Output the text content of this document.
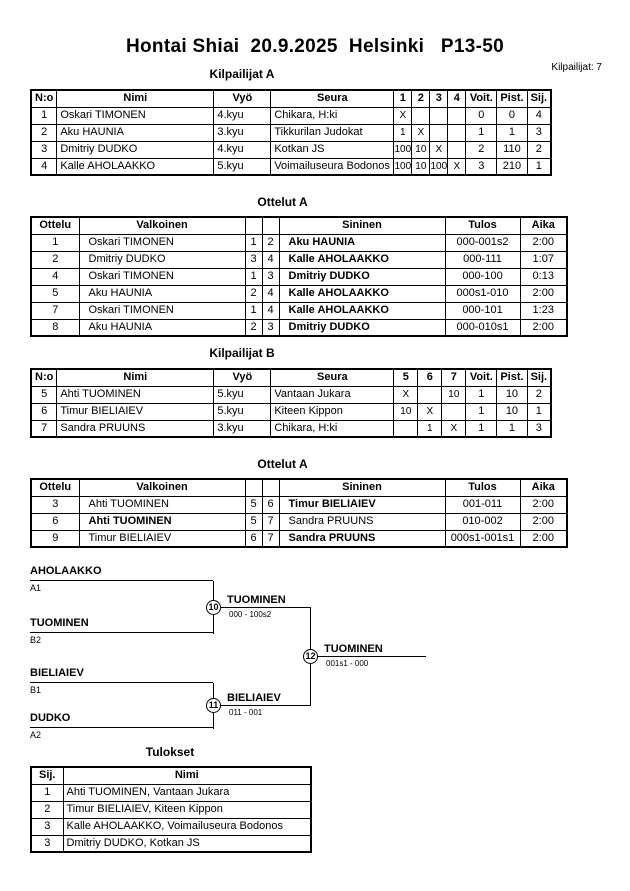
Hontai Shiai  20.9.2025  Helsinki   P13-50
Kilpailijat: 7
Kilpailijat A
N:o	Nimi	Vyö	Seura	1	2	3	4	Voit.	Pist.	Sij.
1	Oskari TIMONEN	4.kyu	Chikara, H:ki	X				0	0	4
2	Aku HAUNIA	3.kyu	Tikkurilan Judokat	1	X			1	1	3
3	Dmitriy DUDKO	4.kyu	Kotkan JS	100	10	X		2	110	2
4	Kalle AHOLAAKKO	5.kyu	Voimailuseura Bodonos	100	10	100	X	3	210	1
Ottelut A
Ottelu	Valkoinen			Sininen	Tulos	Aika
1	Oskari TIMONEN	1	2	Aku HAUNIA	000-001s2	2:00
2	Dmitriy DUDKO	3	4	Kalle AHOLAAKKO	000-111	1:07
4	Oskari TIMONEN	1	3	Dmitriy DUDKO	000-100	0:13
5	Aku HAUNIA	2	4	Kalle AHOLAAKKO	000s1-010	2:00
7	Oskari TIMONEN	1	4	Kalle AHOLAAKKO	000-101	1:23
8	Aku HAUNIA	2	3	Dmitriy DUDKO	000-010s1	2:00
Kilpailijat B
N:o	Nimi	Vyö	Seura	5	6	7	Voit.	Pist.	Sij.
5	Ahti TUOMINEN	5.kyu	Vantaan Jukara	X		10	1	10	2
6	Timur BIELIAIEV	5.kyu	Kiteen Kippon	10	X		1	10	1
7	Sandra PRUUNS	3.kyu	Chikara, H:ki		1	X	1	1	3
Ottelut A
Ottelu	Valkoinen			Sininen	Tulos	Aika
3	Ahti TUOMINEN	5	6	Timur BIELIAIEV	001-011	2:00
6	Ahti TUOMINEN	5	7	Sandra PRUUNS	010-002	2:00
9	Timur BIELIAIEV	6	7	Sandra PRUUNS	000s1-001s1	2:00
AHOLAAKKO
A1
TUOMINEN
B2
BIELIAIEV
B1
DUDKO
A2
10
11
12
TUOMINEN
000 - 100s2
BIELIAIEV
011 - 001
TUOMINEN
001s1 - 000
Tulokset
Sij.	Nimi
1	Ahti TUOMINEN, Vantaan Jukara
2	Timur BIELIAIEV, Kiteen Kippon
3	Kalle AHOLAAKKO, Voimailuseura Bodonos
3	Dmitriy DUDKO, Kotkan JS
